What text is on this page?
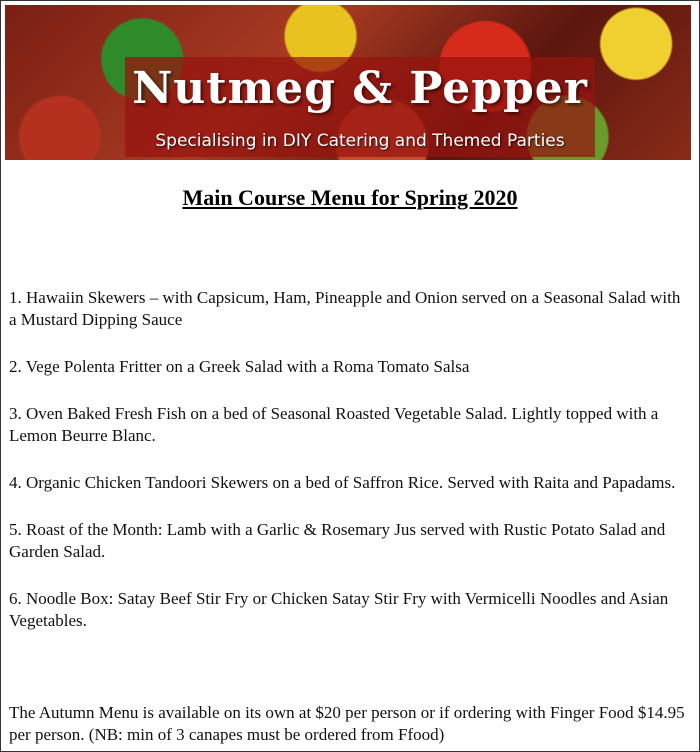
Nutmeg & Pepper
Specialising in DIY Catering and Themed Parties
Main Course Menu for Spring 2020

1. Hawaiin Skewers – with Capsicum, Ham, Pineapple and Onion served on a Seasonal Salad with a Mustard Dipping Sauce

2. Vege Polenta Fritter on a Greek Salad with a Roma Tomato Salsa

3. Oven Baked Fresh Fish on a bed of Seasonal Roasted Vegetable Salad. Lightly topped with a Lemon Beurre Blanc.

4. Organic Chicken Tandoori Skewers on a bed of Saffron Rice. Served with Raita and Papadams.

5. Roast of the Month: Lamb with a Garlic & Rosemary Jus served with Rustic Potato Salad and Garden Salad.

6. Noodle Box: Satay Beef Stir Fry or Chicken Satay Stir Fry with Vermicelli Noodles and Asian Vegetables.

The Autumn Menu is available on its own at $20 per person or if ordering with Finger Food $14.95 per person. (NB: min of 3 canapes must be ordered from Ffood)
